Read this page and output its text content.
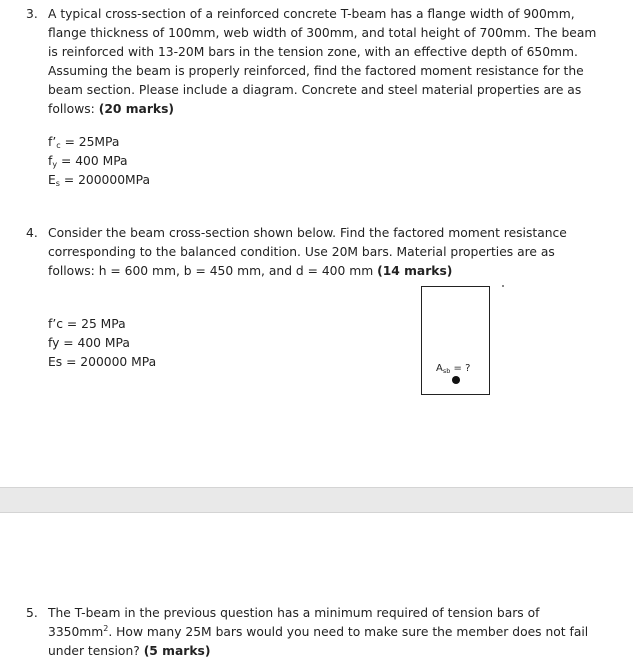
3. A typical cross-section of a reinforced concrete T-beam has a flange width of 900mm,
flange thickness of 100mm, web width of 300mm, and total height of 700mm. The beam
is reinforced with 13-20M bars in the tension zone, with an effective depth of 650mm.
Assuming the beam is properly reinforced, find the factored moment resistance for the
beam section. Please include a diagram. Concrete and steel material properties are as
follows: (20 marks)
$f’_c = 25MPa$
$f_y = 400$ MPa
$E_s = 200000MPa$
4. Consider the beam cross-section shown below. Find the factored moment resistance
corresponding to the balanced condition. Use 20M bars. Material properties are as
follows: h = 600 mm, b = 450 mm, and d = 400 mm (14 marks)
f’c = 25 MPa
fy = 400 MPa
Es = 200000 MPa	$A_{sb}$ = ?
5. The T-beam in the previous question has a minimum required of tension bars of
$3350mm^2$. How many 25M bars would you need to make sure the member does not fail
under tension? (5 marks)
